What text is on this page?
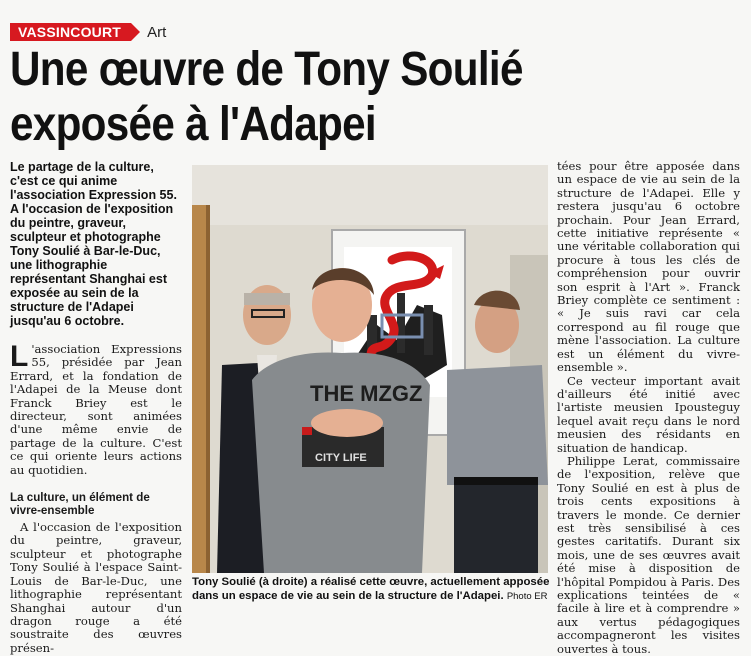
VASSINCOURT	Art
Une œuvre de Tony Soulié exposée à l'Adapei

Le partage de la culture, c'est ce qui anime l'association Expression 55. A l'occasion de l'exposition du peintre, graveur, sculpteur et photographe Tony Soulié à Bar-le-Duc, une lithographie représentant Shanghai est exposée au sein de la structure de l'Adapei jusqu'au 6 octobre.

L 'association Expressions 55, présidée par Jean Errard, et la fondation de l'Adapei de la Meuse dont Franck Briey est le directeur, sont animées d'une même envie de partage de la culture. C'est ce qui oriente leurs actions au quotidien.

La culture, un élément de vivre-ensemble

A l'occasion de l'exposition du peintre, graveur, sculpteur et photographe Tony Soulié à l'espace Saint-Louis de Bar-le-Duc, une lithographie représentant Shanghai autour d'un dragon rouge a été soustraite des œuvres présen-

THE MZGZ
CITY LIFE

Tony Soulié (à droite) a réalisé cette œuvre, actuellement apposée dans un espace de vie au sein de la structure de l'Adapei. Photo ER

tées pour être apposée dans un espace de vie au sein de la structure de l'Adapei. Elle y restera jusqu'au 6 octobre prochain. Pour Jean Errard, cette initiative représente « une véritable collaboration qui procure à tous les clés de compréhension pour ouvrir son esprit à l'Art ». Franck Briey complète ce sentiment : « Je suis ravi car cela correspond au fil rouge que mène l'association. La culture est un élément du vivre-ensemble ».

Ce vecteur important avait d'ailleurs été initié avec l'artiste meusien Ipousteguy lequel avait reçu dans le nord meusien des résidants en situation de handicap.

Philippe Lerat, commissaire de l'exposition, relève que Tony Soulié en est à plus de trois cents expositions à travers le monde. Ce dernier est très sensibilisé à ces gestes caritatifs. Durant six mois, une de ses œuvres avait été mise à disposition de l'hôpital Pompidou à Paris. Des explications teintées de « facile à lire et à comprendre » aux vertus pédagogiques accompagneront les visites ouvertes à tous.
